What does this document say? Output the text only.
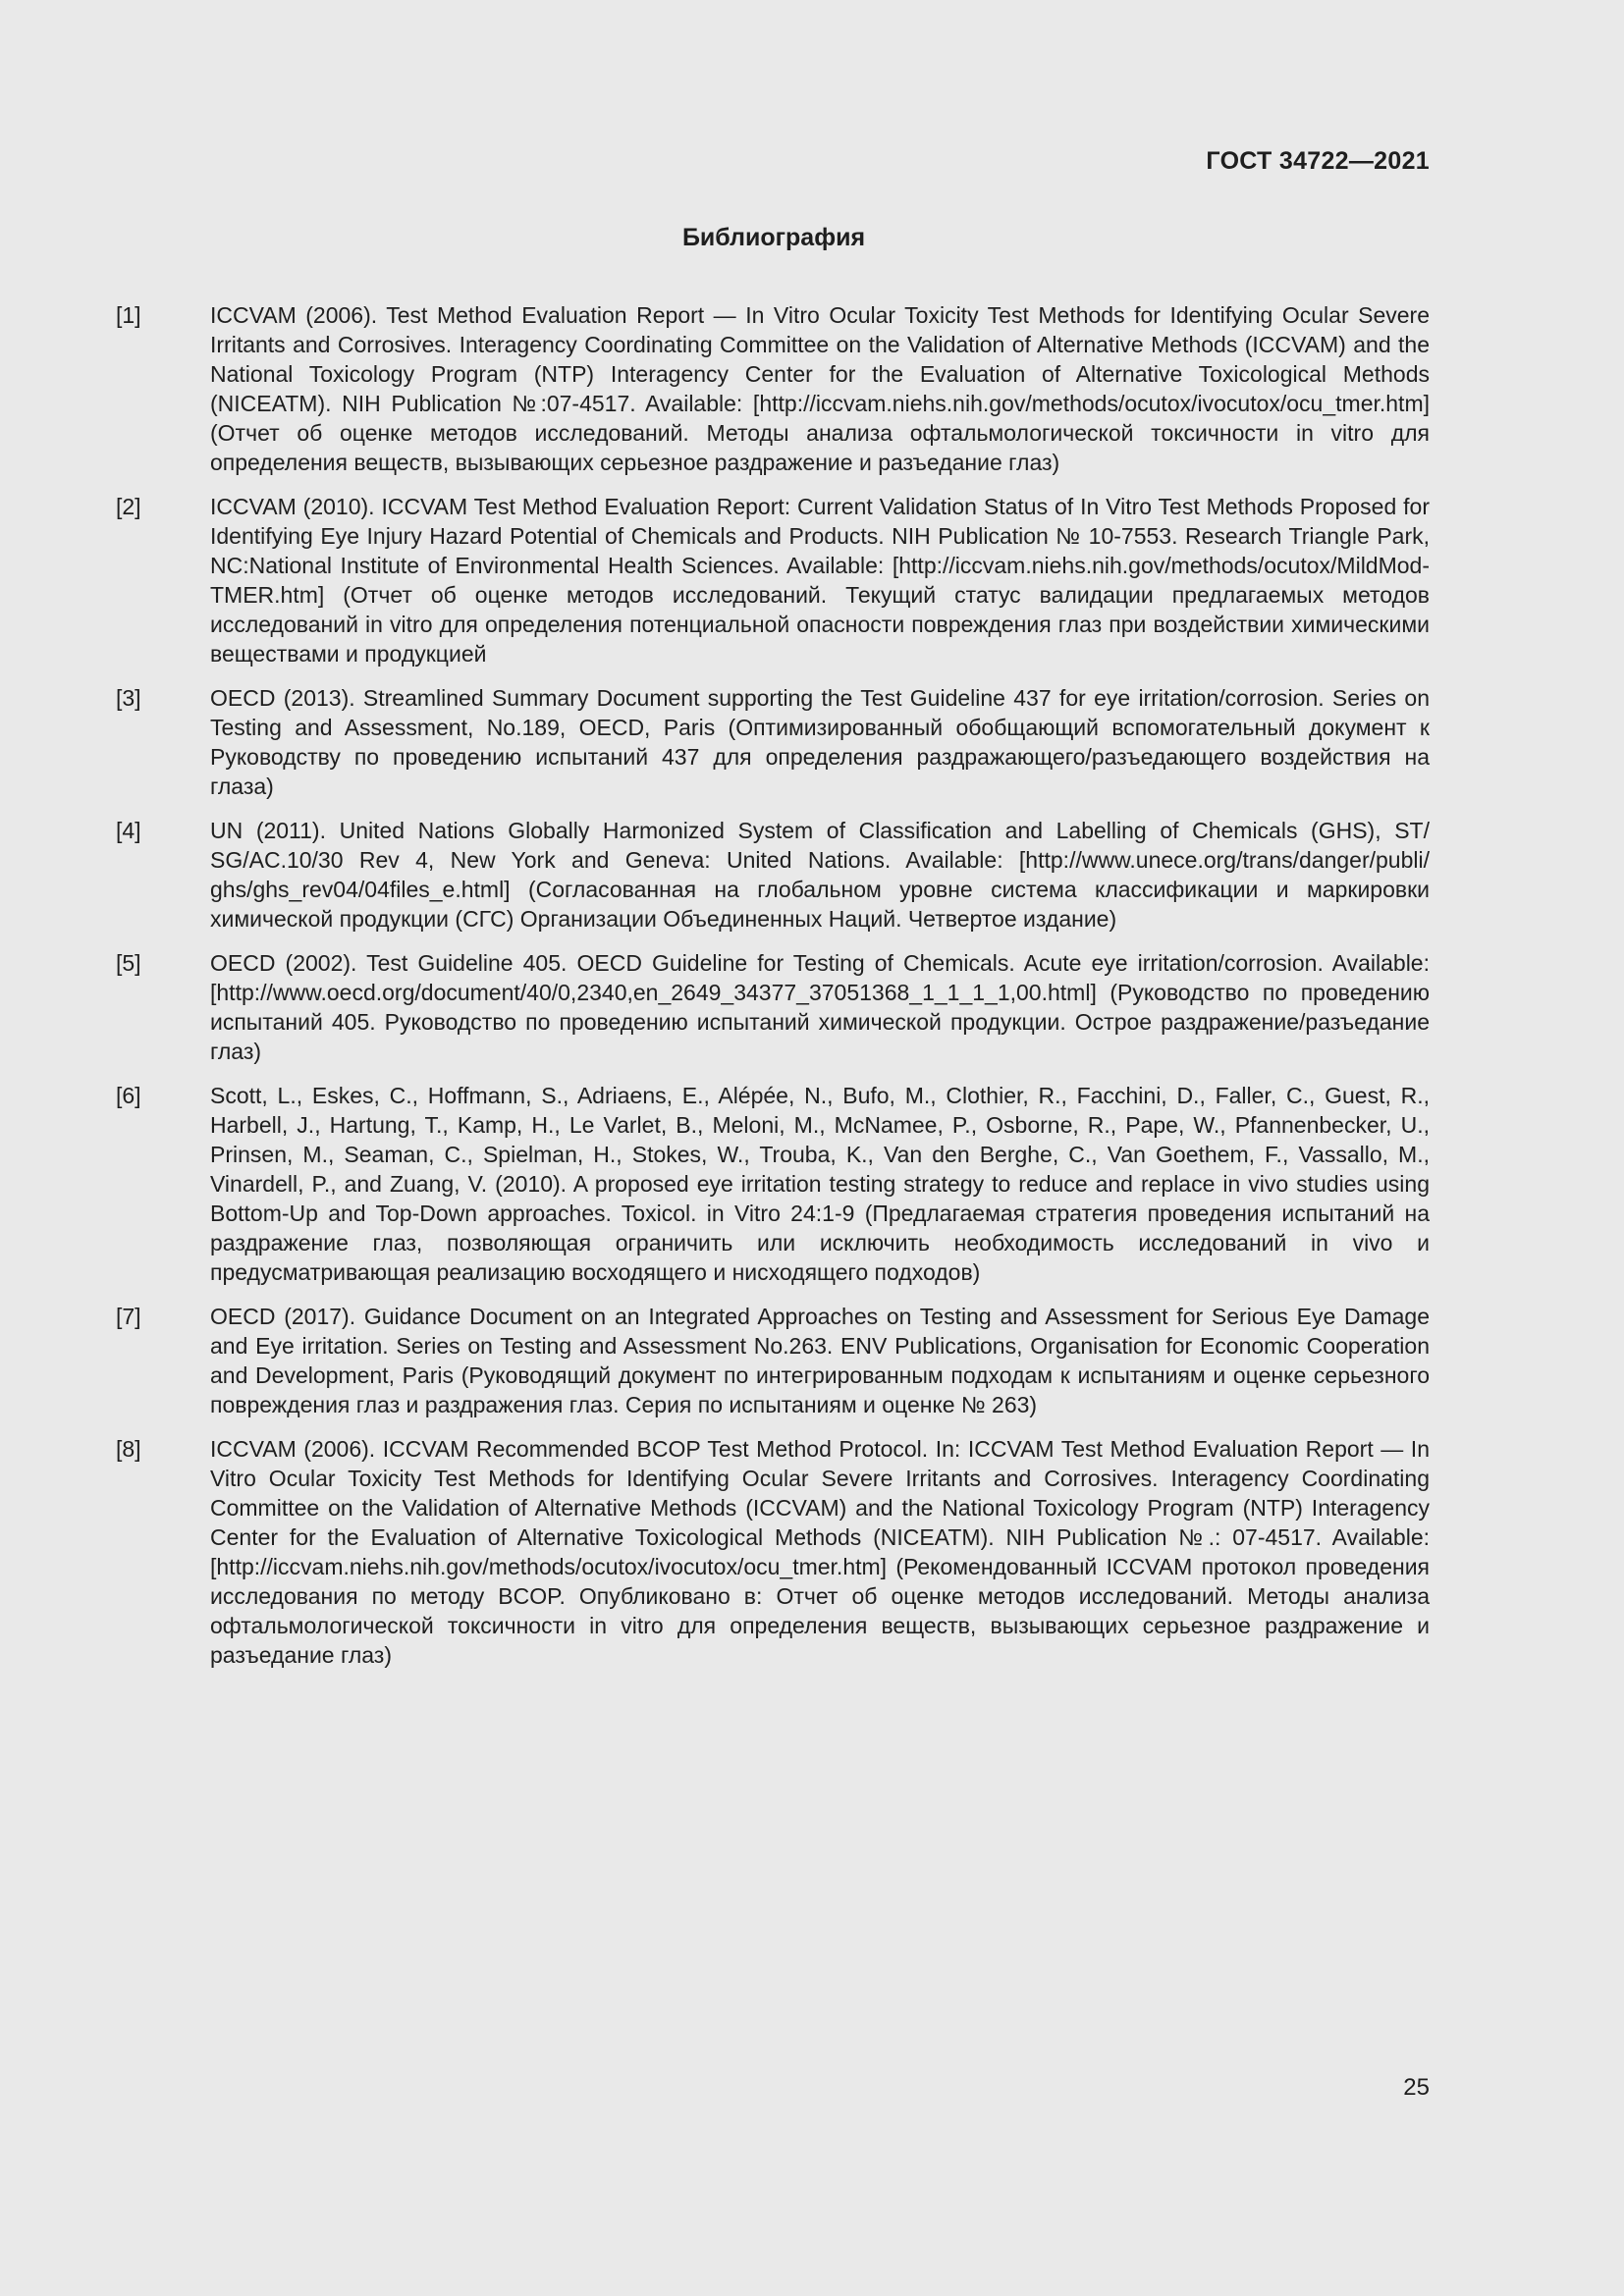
ГОСТ 34722—2021
Библиография
[1]	ICCVAM (2006). Test Method Evaluation Report — In Vitro Ocular Toxicity Test Methods for Identifying Ocular Severe Irritants and Corrosives. Interagency Coordinating Committee on the Validation of Alternative Methods (ICCVAM) and the National Toxicology Program (NTP) Interagency Center for the Evaluation of Alternative Toxicological Methods (NICEATM). NIH Publication №:07-4517. Available: [http://iccvam.niehs.nih.gov/methods/ocutox/ivocutox/ocu_tmer.htm] (Отчет об оценке методов исследований. Методы анализа офтальмологической токсичности in vitro для определения веществ, вызывающих серьезное раздражение и разъедание глаз)
[2]	ICCVAM (2010). ICCVAM Test Method Evaluation Report: Current Validation Status of In Vitro Test Methods Proposed for Identifying Eye Injury Hazard Potential of Chemicals and Products. NIH Publication № 10-7553. Research Triangle Park, NC:National Institute of Environmental Health Sciences. Available: [http://iccvam.niehs.​nih.gov/methods/ocutox/MildMod-TMER.htm] (Отчет об оценке методов исследований. Текущий статус валидации предлагаемых методов исследований in vitro для определения потенциальной опасности повреждения глаз при воздействии химическими веществами и продукцией
[3]	OECD (2013). Streamlined Summary Document supporting the Test Guideline 437 for eye irritation/corrosion. Series on Testing and Assessment, No.189, OECD, Paris (Оптимизированный обобщающий вспомогательный документ к Руководству по проведению испытаний 437 для определения раздражающего/разъедающего воздействия на глаза)
[4]	UN (2011). United Nations Globally Harmonized System of Classification and Labelling of Chemicals (GHS), ST/​SG/AC.10/30 Rev 4, New York and Geneva: United Nations. Available: [http://www.unece.org/trans/danger/publi/​ghs/ghs_rev04/04files_e.html] (Согласованная на глобальном уровне система классификации и маркировки химической продукции (СГС) Организации Объединенных Наций. Четвертое издание)
[5]	OECD (2002). Test Guideline 405. OECD Guideline for Testing of Chemicals. Acute eye irritation/corrosion. Available: [http://www.oecd.org/document/40/0,2340,en_2649_34377_37051368_1_1_1_1,00.html] (Руководство по проведению испытаний 405. Руководство по проведению испытаний химической продукции. Острое раздражение/разъедание глаз)
[6]	Scott, L., Eskes, C., Hoffmann, S., Adriaens, E., Alépée, N., Bufo, M., Clothier, R., Facchini, D., Faller, C., Guest, R., Harbell, J., Hartung, T., Kamp, H., Le Varlet, B., Meloni, M., McNamee, P., Osborne, R., Pape, W., Pfannenbecker, U., Prinsen, M., Seaman, C., Spielman, H., Stokes, W., Trouba, K., Van den Berghe, C., Van Goethem, F., Vassallo, M., Vinardell, P., and Zuang, V. (2010). A proposed eye irritation testing strategy to reduce and replace in vivo studies using Bottom-Up and Top-Down approaches. Toxicol. in Vitro 24:1-9 (Предлагаемая стратегия проведения испытаний на раздражение глаз, позволяющая ограничить или исключить необходимость исследований in vivo и предусматривающая реализацию восходящего и нисходящего подходов)
[7]	OECD (2017). Guidance Document on an Integrated Approaches on Testing and Assessment for Serious Eye Damage and Eye irritation. Series on Testing and Assessment No.263. ENV Publications, Organisation for Economic Cooperation and Development, Paris (Руководящий документ по интегрированным подходам к испытаниям и оценке серьезного повреждения глаз и раздражения глаз. Серия по испытаниям и оценке № 263)
[8]	ICCVAM (2006). ICCVAM Recommended BCOP Test Method Protocol. In: ICCVAM Test Method Evaluation Report — In Vitro Ocular Toxicity Test Methods for Identifying Ocular Severe Irritants and Corrosives. Interagency Coordinating Committee on the Validation of Alternative Methods (ICCVAM) and the National Toxicology Program (NTP) Interagency Center for the Evaluation of Alternative Toxicological Methods (NICEATM). NIH Publication №.: 07-4517. Available: [http://iccvam.niehs.nih.gov/methods/ocutox/ivocutox/ocu_tmer.htm] (Рекомендованный ICCVAM протокол проведения исследования по методу BCOP. Опубликовано в: Отчет об оценке методов исследований. Методы анализа офтальмологической токсичности in vitro для определения веществ, вызывающих серьезное раздражение и разъедание глаз)
25
